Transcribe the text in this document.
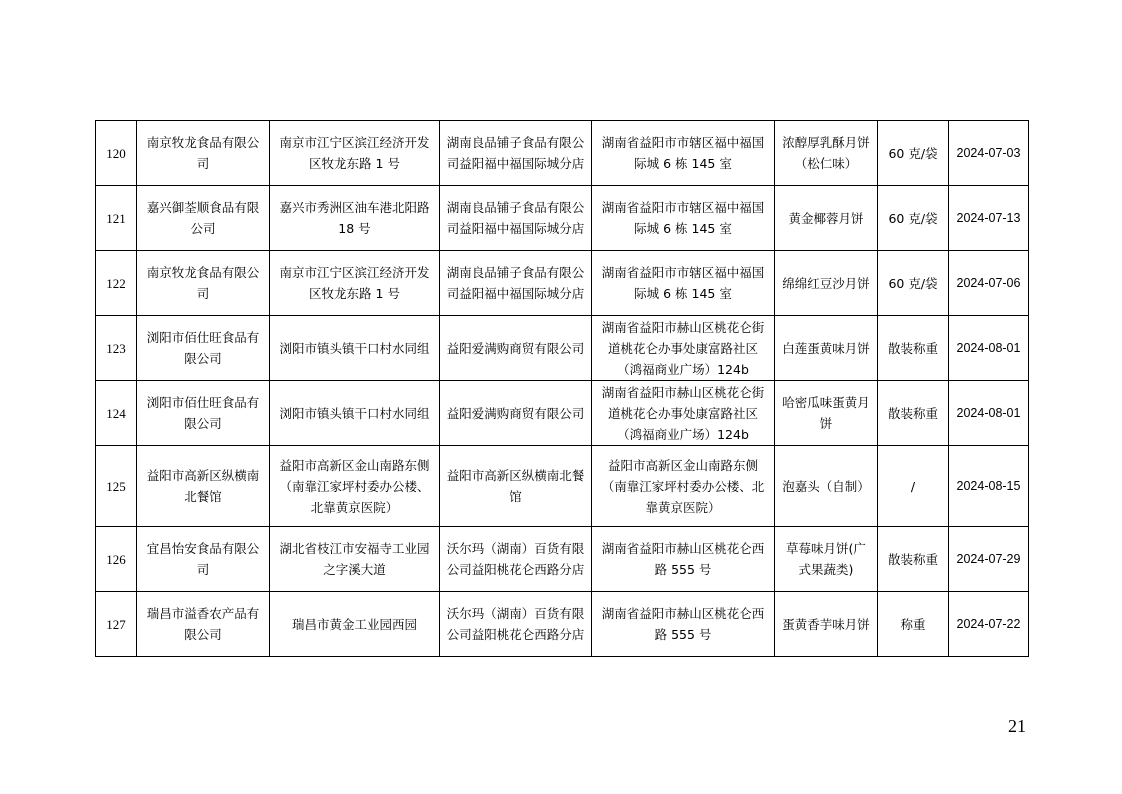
120	南京牧龙食品有限公司	南京市江宁区滨江经济开发区牧龙东路 1 号	湖南良品铺子食品有限公司益阳福中福国际城分店	湖南省益阳市市辖区福中福国际城 6 栋 145 室	浓醇厚乳酥月饼（松仁味）	60 克/袋	2024-07-03
121	嘉兴御荃顺食品有限公司	嘉兴市秀洲区油车港北阳路 18 号	湖南良品铺子食品有限公司益阳福中福国际城分店	湖南省益阳市市辖区福中福国际城 6 栋 145 室	黄金椰蓉月饼	60 克/袋	2024-07-13
122	南京牧龙食品有限公司	南京市江宁区滨江经济开发区牧龙东路 1 号	湖南良品铺子食品有限公司益阳福中福国际城分店	湖南省益阳市市辖区福中福国际城 6 栋 145 室	绵绵红豆沙月饼	60 克/袋	2024-07-06
123	浏阳市佰仕旺食品有限公司	浏阳市镇头镇干口村水同组	益阳爱满购商贸有限公司	湖南省益阳市赫山区桃花仑街道桃花仑办事处康富路社区（鸿福商业广场）124b	白莲蛋黄味月饼	散装称重	2024-08-01
124	浏阳市佰仕旺食品有限公司	浏阳市镇头镇干口村水同组	益阳爱满购商贸有限公司	湖南省益阳市赫山区桃花仑街道桃花仑办事处康富路社区（鸿福商业广场）124b	哈密瓜味蛋黄月饼	散装称重	2024-08-01
125	益阳市高新区纵横南北餐馆	益阳市高新区金山南路东侧（南靠江家坪村委办公楼、北靠黄京医院）	益阳市高新区纵横南北餐馆	益阳市高新区金山南路东侧（南靠江家坪村委办公楼、北靠黄京医院）	泡嘉头（自制）	/	2024-08-15
126	宜昌怡安食品有限公司	湖北省枝江市安福寺工业园之字溪大道	沃尔玛（湖南）百货有限公司益阳桃花仑西路分店	湖南省益阳市赫山区桃花仑西路 555 号	草莓味月饼(广式果蔬类)	散装称重	2024-07-29
127	瑞昌市溢香农产品有限公司	瑞昌市黄金工业园西园	沃尔玛（湖南）百货有限公司益阳桃花仑西路分店	湖南省益阳市赫山区桃花仑西路 555 号	蛋黄香芋味月饼	称重	2024-07-22
21
